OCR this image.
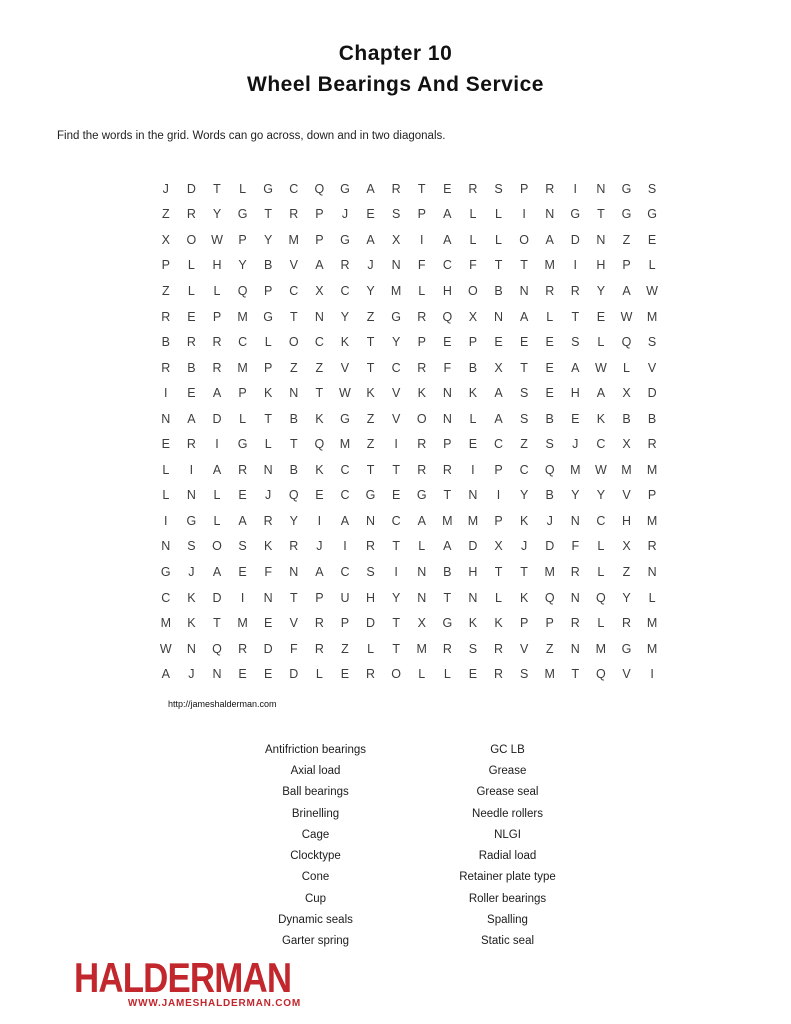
Chapter 10
Wheel Bearings And Service
Find the words in the grid. Words can go across, down and in two diagonals.
J	D	T	L	G	C	Q	G	A	R	T	E	R	S	P	R	I	N	G	S
Z	R	Y	G	T	R	P	J	E	S	P	A	L	L	I	N	G	T	G	G
X	O	W	P	Y	M	P	G	A	X	I	A	L	L	O	A	D	N	Z	E
P	L	H	Y	B	V	A	R	J	N	F	C	F	T	T	M	I	H	P	L
Z	L	L	Q	P	C	X	C	Y	M	L	H	O	B	N	R	R	Y	A	W
R	E	P	M	G	T	N	Y	Z	G	R	Q	X	N	A	L	T	E	W	M
B	R	R	C	L	O	C	K	T	Y	P	E	P	E	E	E	S	L	Q	S
R	B	R	M	P	Z	Z	V	T	C	R	F	B	X	T	E	A	W	L	V
I	E	A	P	K	N	T	W	K	V	K	N	K	A	S	E	H	A	X	D
N	A	D	L	T	B	K	G	Z	V	O	N	L	A	S	B	E	K	B	B
E	R	I	G	L	T	Q	M	Z	I	R	P	E	C	Z	S	J	C	X	R
L	I	A	R	N	B	K	C	T	T	R	R	I	P	C	Q	M	W	M	M
L	N	L	E	J	Q	E	C	G	E	G	T	N	I	Y	B	Y	Y	V	P
I	G	L	A	R	Y	I	A	N	C	A	M	M	P	K	J	N	C	H	M
N	S	O	S	K	R	J	I	R	T	L	A	D	X	J	D	F	L	X	R
G	J	A	E	F	N	A	C	S	I	N	B	H	T	T	M	R	L	Z	N
C	K	D	I	N	T	P	U	H	Y	N	T	N	L	K	Q	N	Q	Y	L
M	K	T	M	E	V	R	P	D	T	X	G	K	K	P	P	R	L	R	M
W	N	Q	R	D	F	R	Z	L	T	M	R	S	R	V	Z	N	M	G	M
A	J	N	E	E	D	L	E	R	O	L	L	E	R	S	M	T	Q	V	I
http://jameshalderman.com
Antifriction bearings
Axial load
Ball bearings
Brinelling
Cage
Clocktype
Cone
Cup
Dynamic seals
Garter spring
GC LB
Grease
Grease seal
Needle rollers
NLGI
Radial load
Retainer plate type
Roller bearings
Spalling
Static seal
HALDERMAN
WWW.JAMESHALDERMAN.COM
